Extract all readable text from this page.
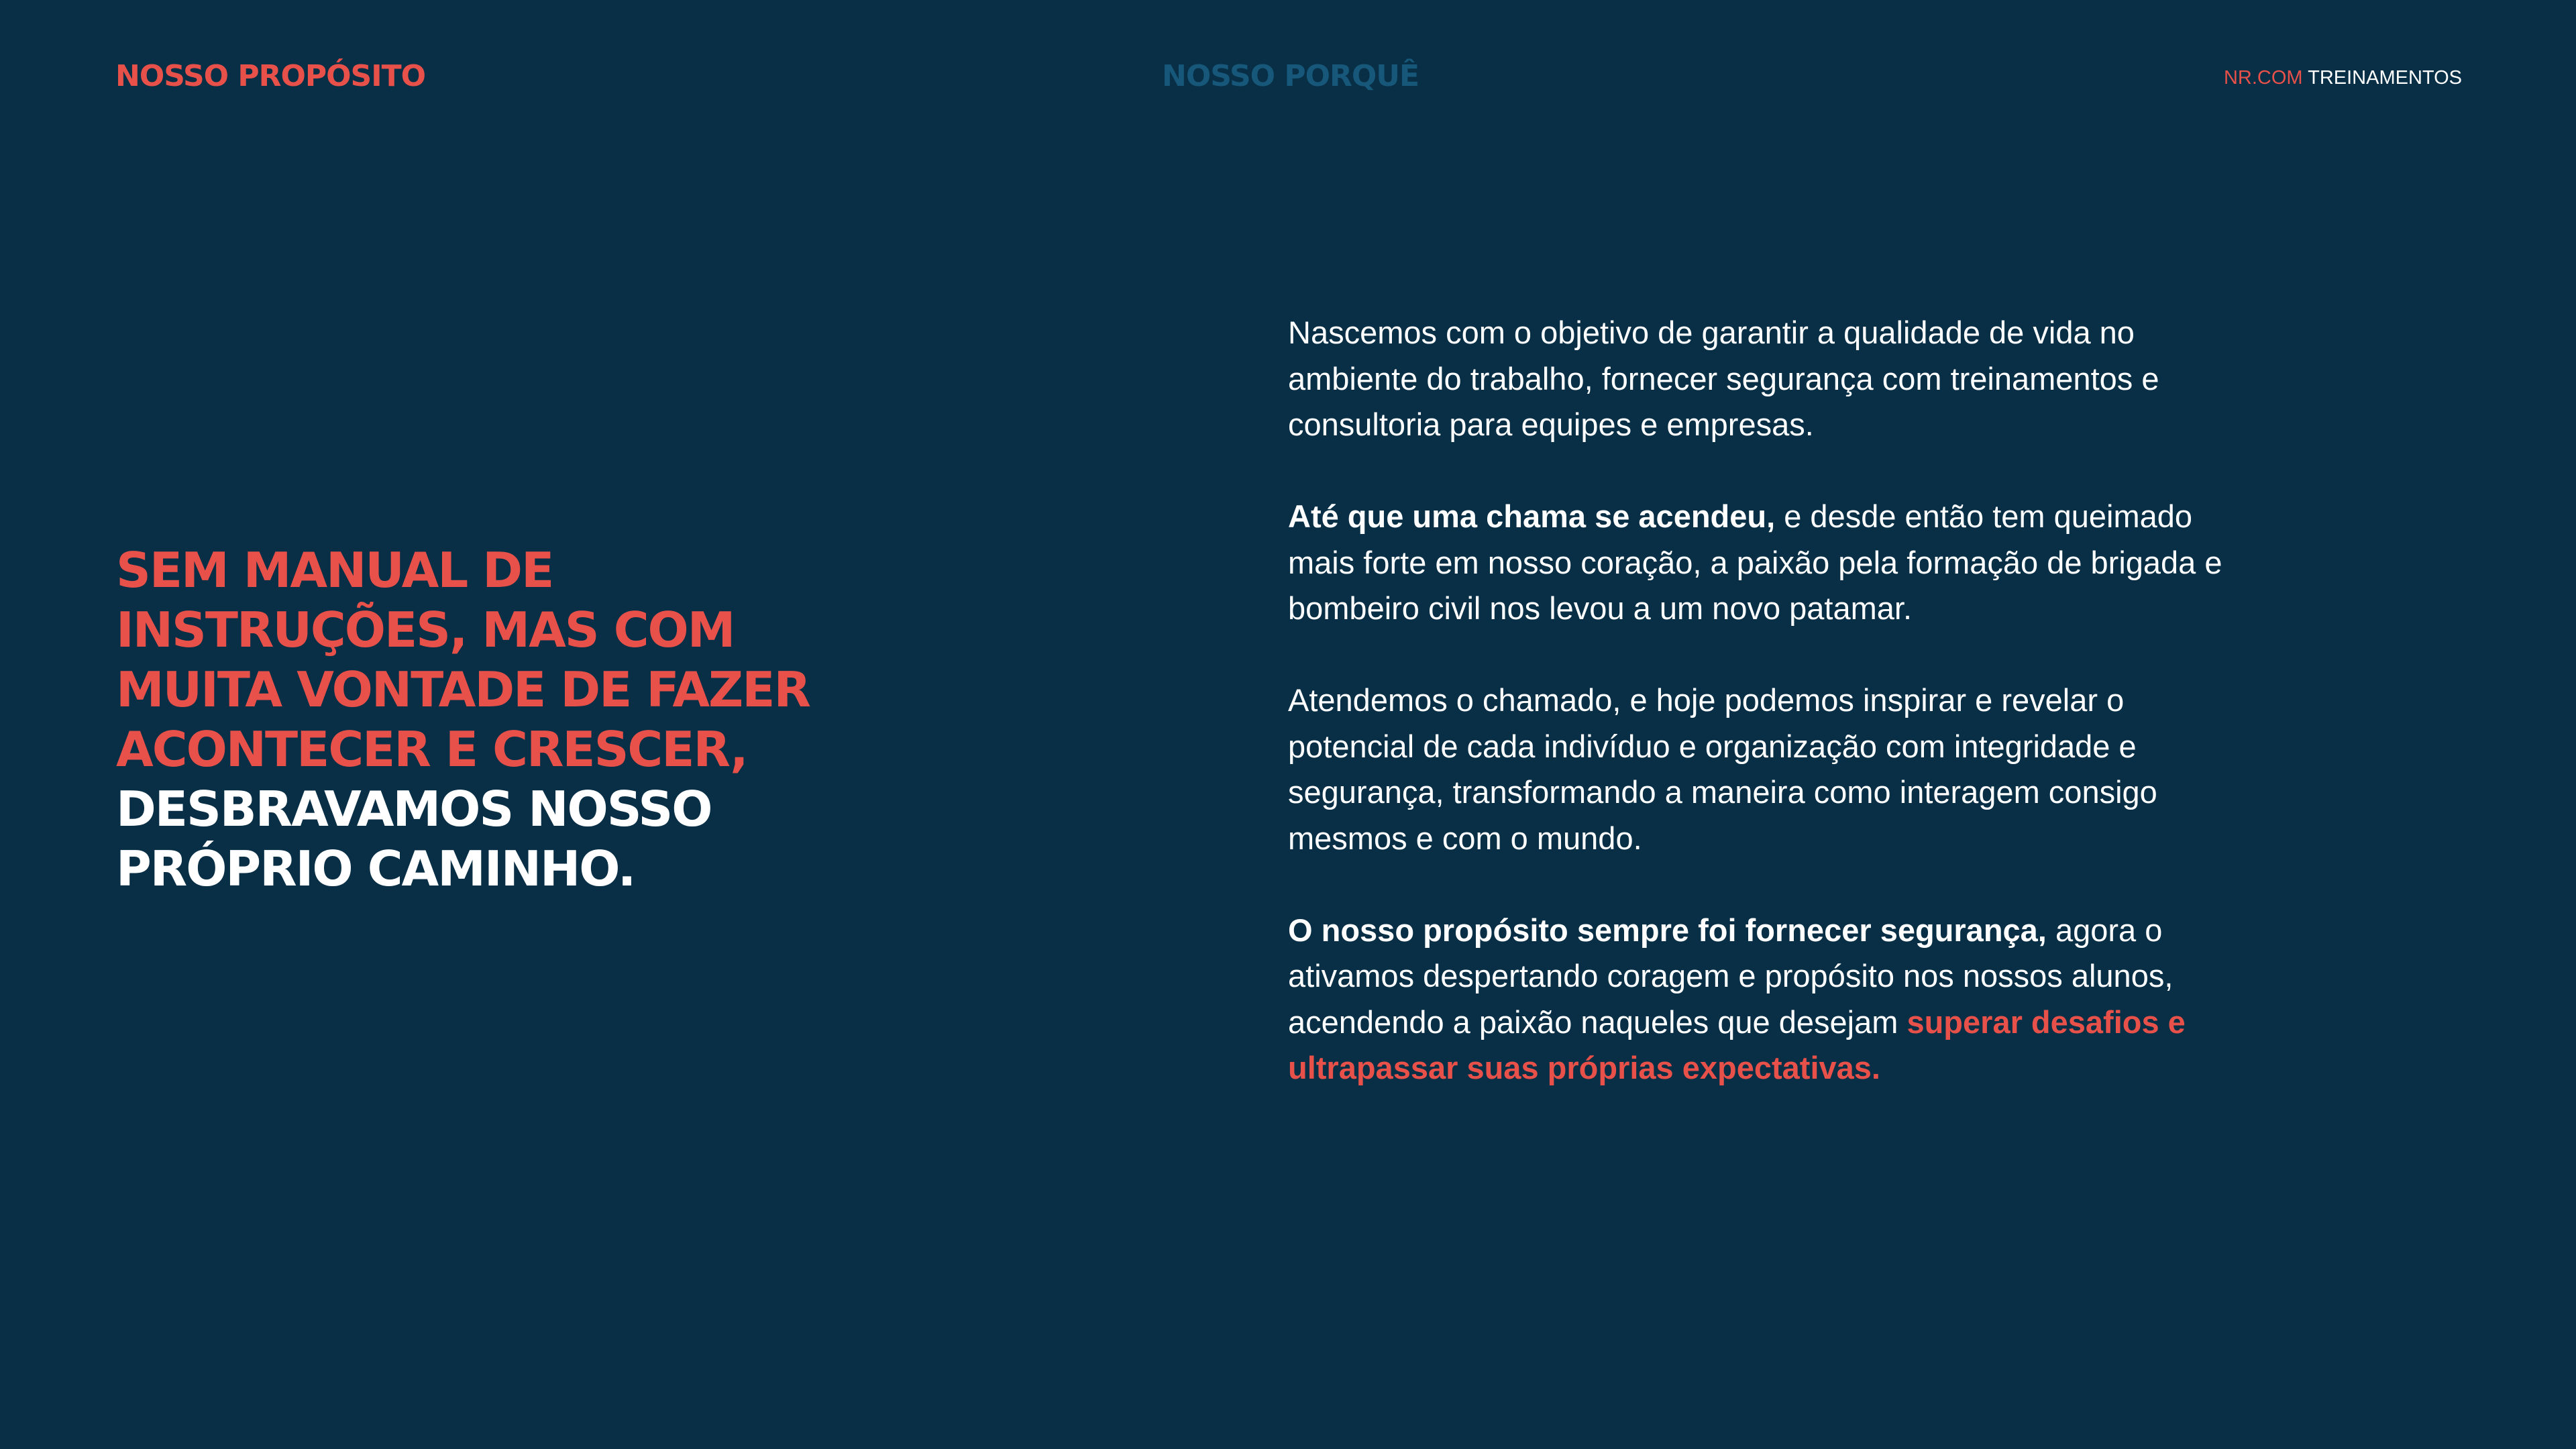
NOSSO PROPÓSITO	NOSSO PORQUÊ	NR.COM TREINAMENTOS
SEM MANUAL DE INSTRUÇÕES, MAS COM MUITA VONTADE DE FAZER ACONTECER E CRESCER, DESBRAVAMOS NOSSO PRÓPRIO CAMINHO.

Nascemos com o objetivo de garantir a qualidade de vida no ambiente do trabalho, fornecer segurança com treinamentos e consultoria para equipes e empresas.

Até que uma chama se acendeu, e desde então tem queimado mais forte em nosso coração, a paixão pela formação de brigada e bombeiro civil nos levou a um novo patamar.

Atendemos o chamado, e hoje podemos inspirar e revelar o potencial de cada indivíduo e organização com integridade e segurança, transformando a maneira como interagem consigo mesmos e com o mundo.

O nosso propósito sempre foi fornecer segurança, agora o ativamos despertando coragem e propósito nos nossos alunos, acendendo a paixão naqueles que desejam superar desafios e ultrapassar suas próprias expectativas.
